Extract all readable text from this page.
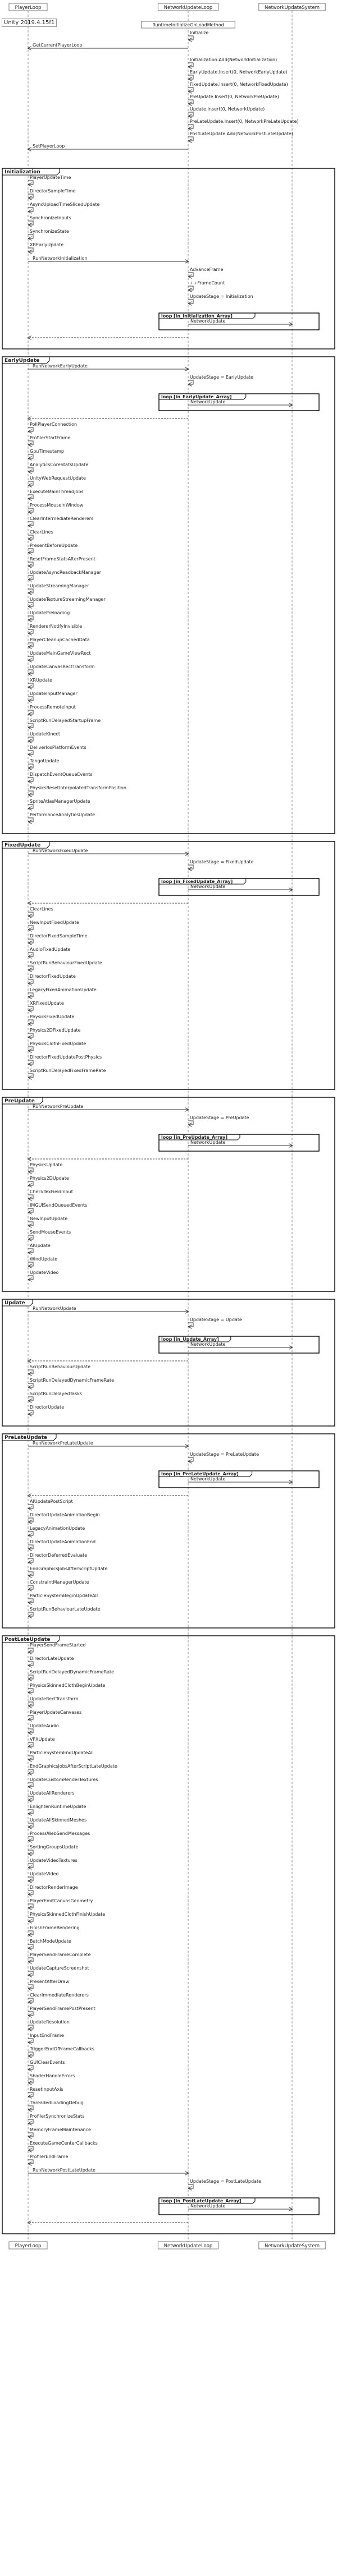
Unity 2019.4.15f1
Initialization
loop [in_Initialization_Array]
EarlyUpdate
loop [in_EarlyUpdate_Array]
FixedUpdate
loop [in_FixedUpdate_Array]
PreUpdate
loop [in_PreUpdate_Array]
Update
loop [in_Update_Array]
PreLateUpdate
loop [in_PreLateUpdate_Array]
PostLateUpdate
loop [in_PostLateUpdate_Array]
RuntimeInitializeOnLoadMethod
Initialize
GetCurrentPlayerLoop
Initialization.Add(NetworkInitialization)
EarlyUpdate.Insert(0, NetworkEarlyUpdate)
FixedUpdate.Insert(0, NetworkFixedUpdate)
PreUpdate.Insert(0, NetworkPreUpdate)
Update.Insert(0, NetworkUpdate)
PreLateUpdate.Insert(0, NetworkPreLateUpdate)
PostLateUpdate.Add(NetworkPostLateUpdate)
SetPlayerLoop
PlayerUpdateTime
DirectorSampleTime
AsyncUploadTimeSlicedUpdate
SynchronizeInputs
SynchronizeState
XREarlyUpdate
RunNetworkInitialization
AdvanceFrame
++FrameCount
UpdateStage = Initialization
NetworkUpdate
RunNetworkEarlyUpdate
UpdateStage = EarlyUpdate
NetworkUpdate
PollPlayerConnection
ProfilerStartFrame
GpuTimestamp
AnalyticsCoreStatsUpdate
UnityWebRequestUpdate
ExecuteMainThreadJobs
ProcessMouseInWindow
ClearIntermediateRenderers
ClearLines
PresentBeforeUpdate
ResetFrameStatsAfterPresent
UpdateAsyncReadbackManager
UpdateStreamingManager
UpdateTextureStreamingManager
UpdatePreloading
RendererNotifyInvisible
PlayerCleanupCachedData
UpdateMainGameViewRect
UpdateCanvasRectTransform
XRUpdate
UpdateInputManager
ProcessRemoteInput
ScriptRunDelayedStartupFrame
UpdateKinect
DeliverIosPlatformEvents
TangoUpdate
DispatchEventQueueEvents
PhysicsResetInterpolatedTransformPosition
SpriteAtlasManagerUpdate
PerformanceAnalyticsUpdate
RunNetworkFixedUpdate
UpdateStage = FixedUpdate
NetworkUpdate
ClearLines
NewInputFixedUpdate
DirectorFixedSampleTime
AudioFixedUpdate
ScriptRunBehaviourFixedUpdate
DirectorFixedUpdate
LegacyFixedAnimationUpdate
XRFixedUpdate
PhysicsFixedUpdate
Physics2DFixedUpdate
PhysicsClothFixedUpdate
DirectorFixedUpdatePostPhysics
ScriptRunDelayedFixedFrameRate
RunNetworkPreUpdate
UpdateStage = PreUpdate
NetworkUpdate
PhysicsUpdate
Physics2DUpdate
CheckTexFieldInput
IMGUISendQueuedEvents
NewInputUpdate
SendMouseEvents
AIUpdate
WindUpdate
UpdateVideo
RunNetworkUpdate
UpdateStage = Update
NetworkUpdate
ScriptRunBehaviourUpdate
ScriptRunDelayedDynamicFrameRate
ScriptRunDelayedTasks
DirectorUpdate
RunNetworkPreLateUpdate
UpdateStage = PreLateUpdate
NetworkUpdate
AIUpdatePostScript
DirectorUpdateAnimationBegin
LegacyAnimationUpdate
DirectorUpdateAnimationEnd
DirectorDeferredEvaluate
EndGraphicsJobsAfterScriptUpdate
ConstraintManagerUpdate
ParticleSystemBeginUpdateAll
ScriptRunBehaviourLateUpdate
PlayerSendFrameStarted
DirectorLateUpdate
ScriptRunDelayedDynamicFrameRate
PhysicsSkinnedClothBeginUpdate
UpdateRectTransform
PlayerUpdateCanvases
UpdateAudio
VFXUpdate
ParticleSystemEndUpdateAll
EndGraphicsJobsAfterScriptLateUpdate
UpdateCustomRenderTextures
UpdateAllRenderers
EnlightenRuntimeUpdate
UpdateAllSkinnedMeshes
ProcessWebSendMessages
SortingGroupsUpdate
UpdateVideoTextures
UpdateVideo
DirectorRenderImage
PlayerEmitCanvasGeometry
PhysicsSkinnedClothFinishUpdate
FinishFrameRendering
BatchModeUpdate
PlayerSendFrameComplete
UpdateCaptureScreenshot
PresentAfterDraw
ClearImmediateRenderers
PlayerSendFramePostPresent
UpdateResolution
InputEndFrame
TriggerEndOfFrameCallbacks
GUIClearEvents
ShaderHandleErrors
ResetInputAxis
ThreadedLoadingDebug
ProfilerSynchronizeStats
MemoryFrameMaintenance
ExecuteGameCenterCallbacks
ProfilerEndFrame
RunNetworkPostLateUpdate
UpdateStage = PostLateUpdate
NetworkUpdate
PlayerLoop	NetworkUpdateLoop	NetworkUpdateSystem
PlayerLoop	NetworkUpdateLoop	NetworkUpdateSystem
